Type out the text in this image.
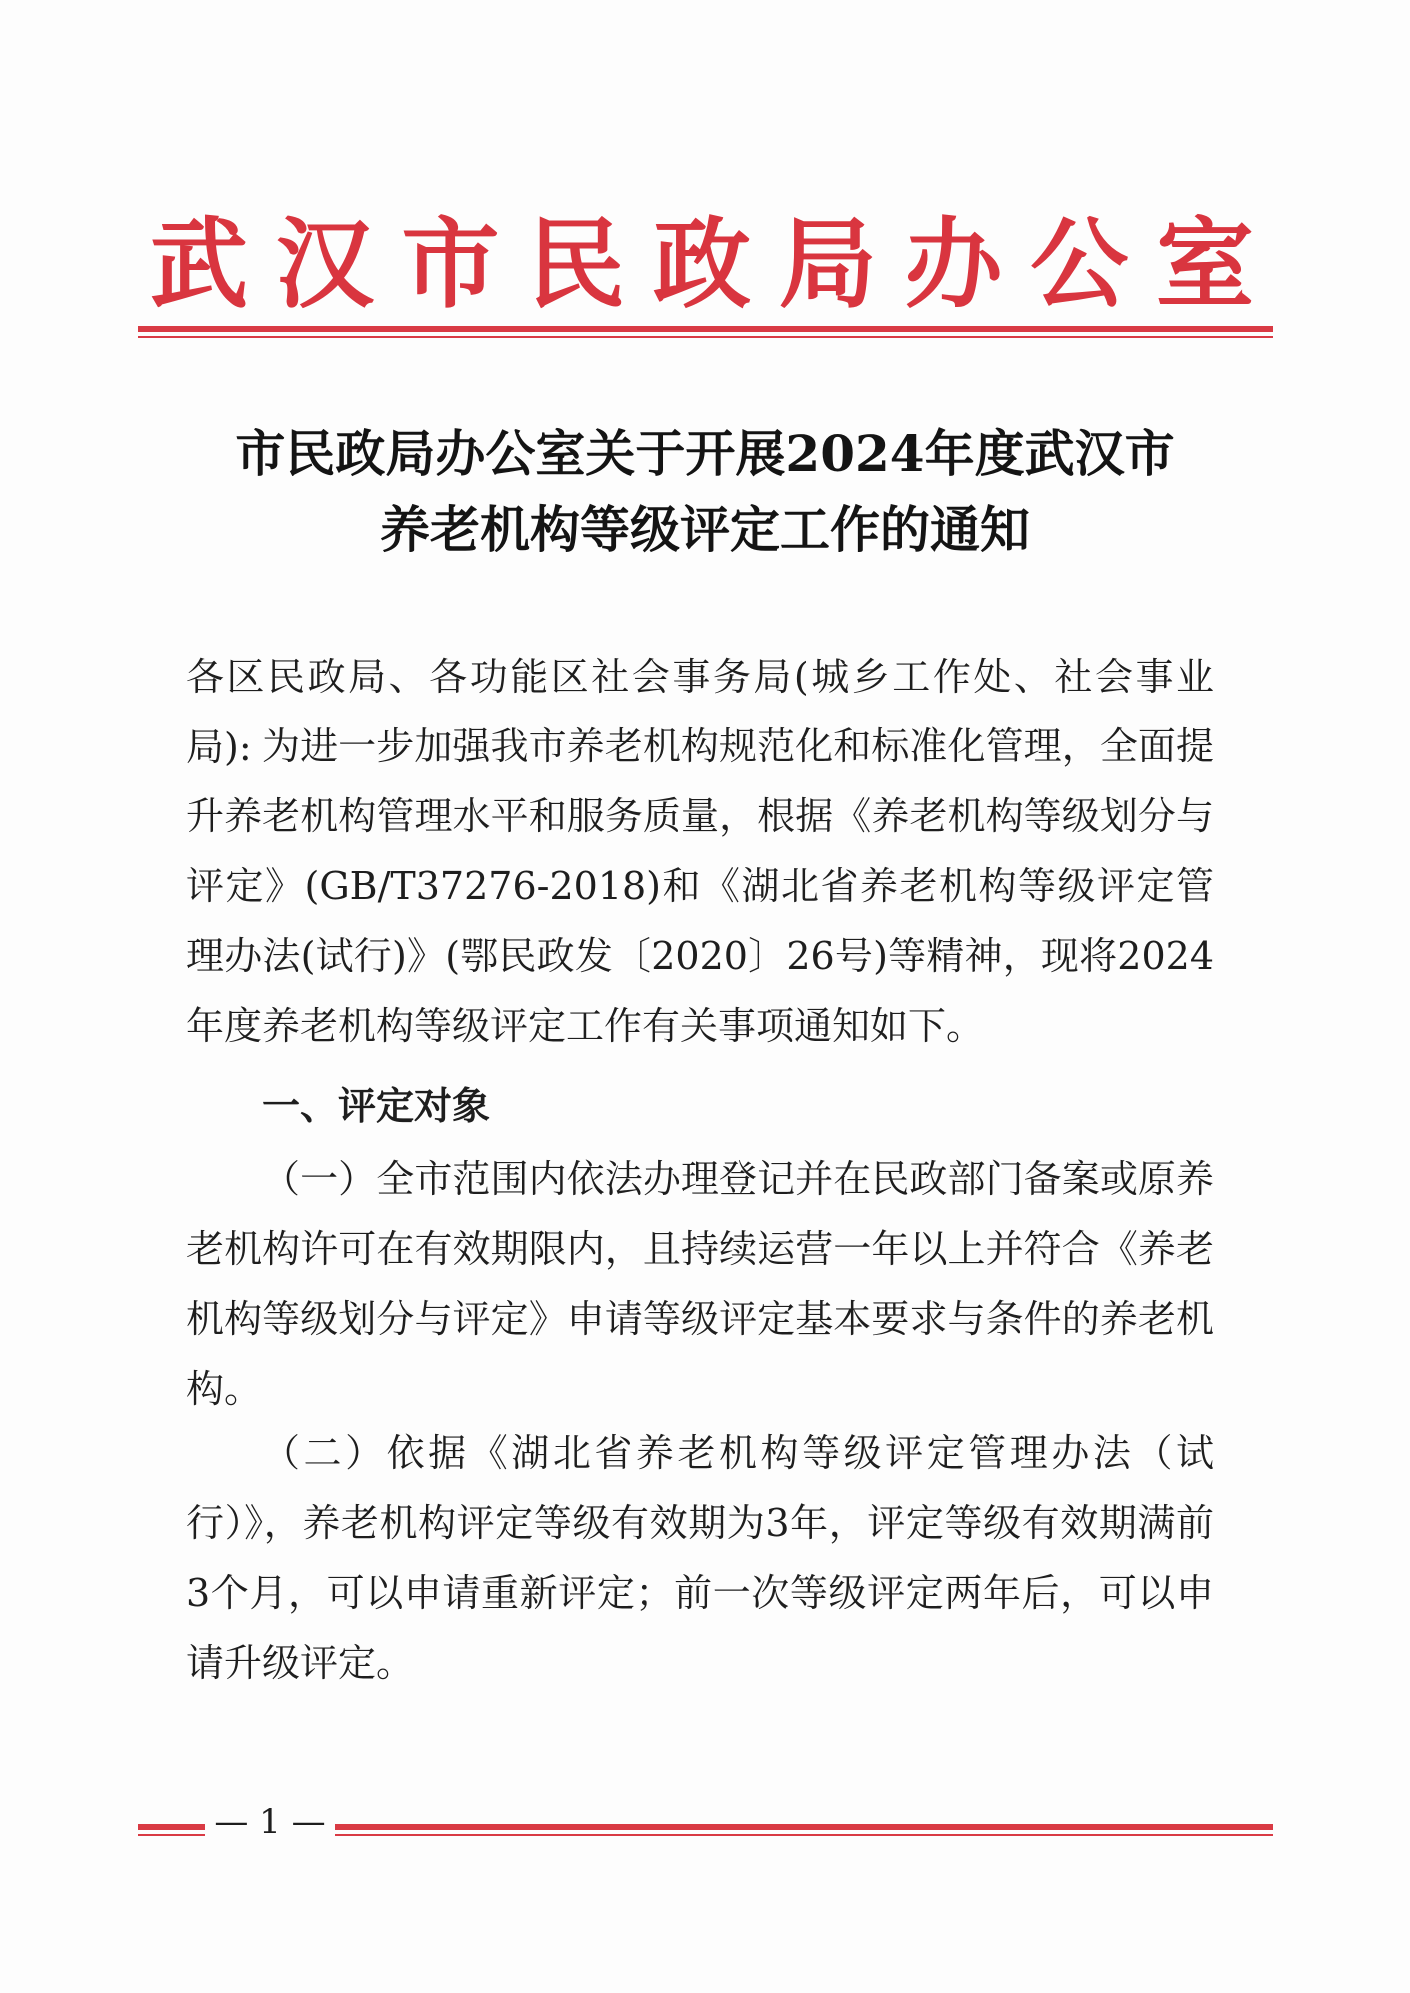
武汉市民政局办公室
市民政局办公室关于开展2024年度武汉市
养老机构等级评定工作的通知
各区民政局、各功能区社会事务局(城乡工作处、社会事业局): 为进一步加强我市养老机构规范化和标准化管理，全面提升养老机构管理水平和服务质量，根据《养老机构等级划分与评定》(GB/T37276-2018)和《湖北省养老机构等级评定管理办法(试行)》(鄂民政发〔2020〕26号)等精神，现将2024年度养老机构等级评定工作有关事项通知如下。
一、评定对象
（一）全市范围内依法办理登记并在民政部门备案或原养老机构许可在有效期限内，且持续运营一年以上并符合《养老机构等级划分与评定》申请等级评定基本要求与条件的养老机构。
（二）依据《湖北省养老机构等级评定管理办法（试行）》，养老机构评定等级有效期为3年，评定等级有效期满前3个月，可以申请重新评定；前一次等级评定两年后，可以申请升级评定。
— 1 —
